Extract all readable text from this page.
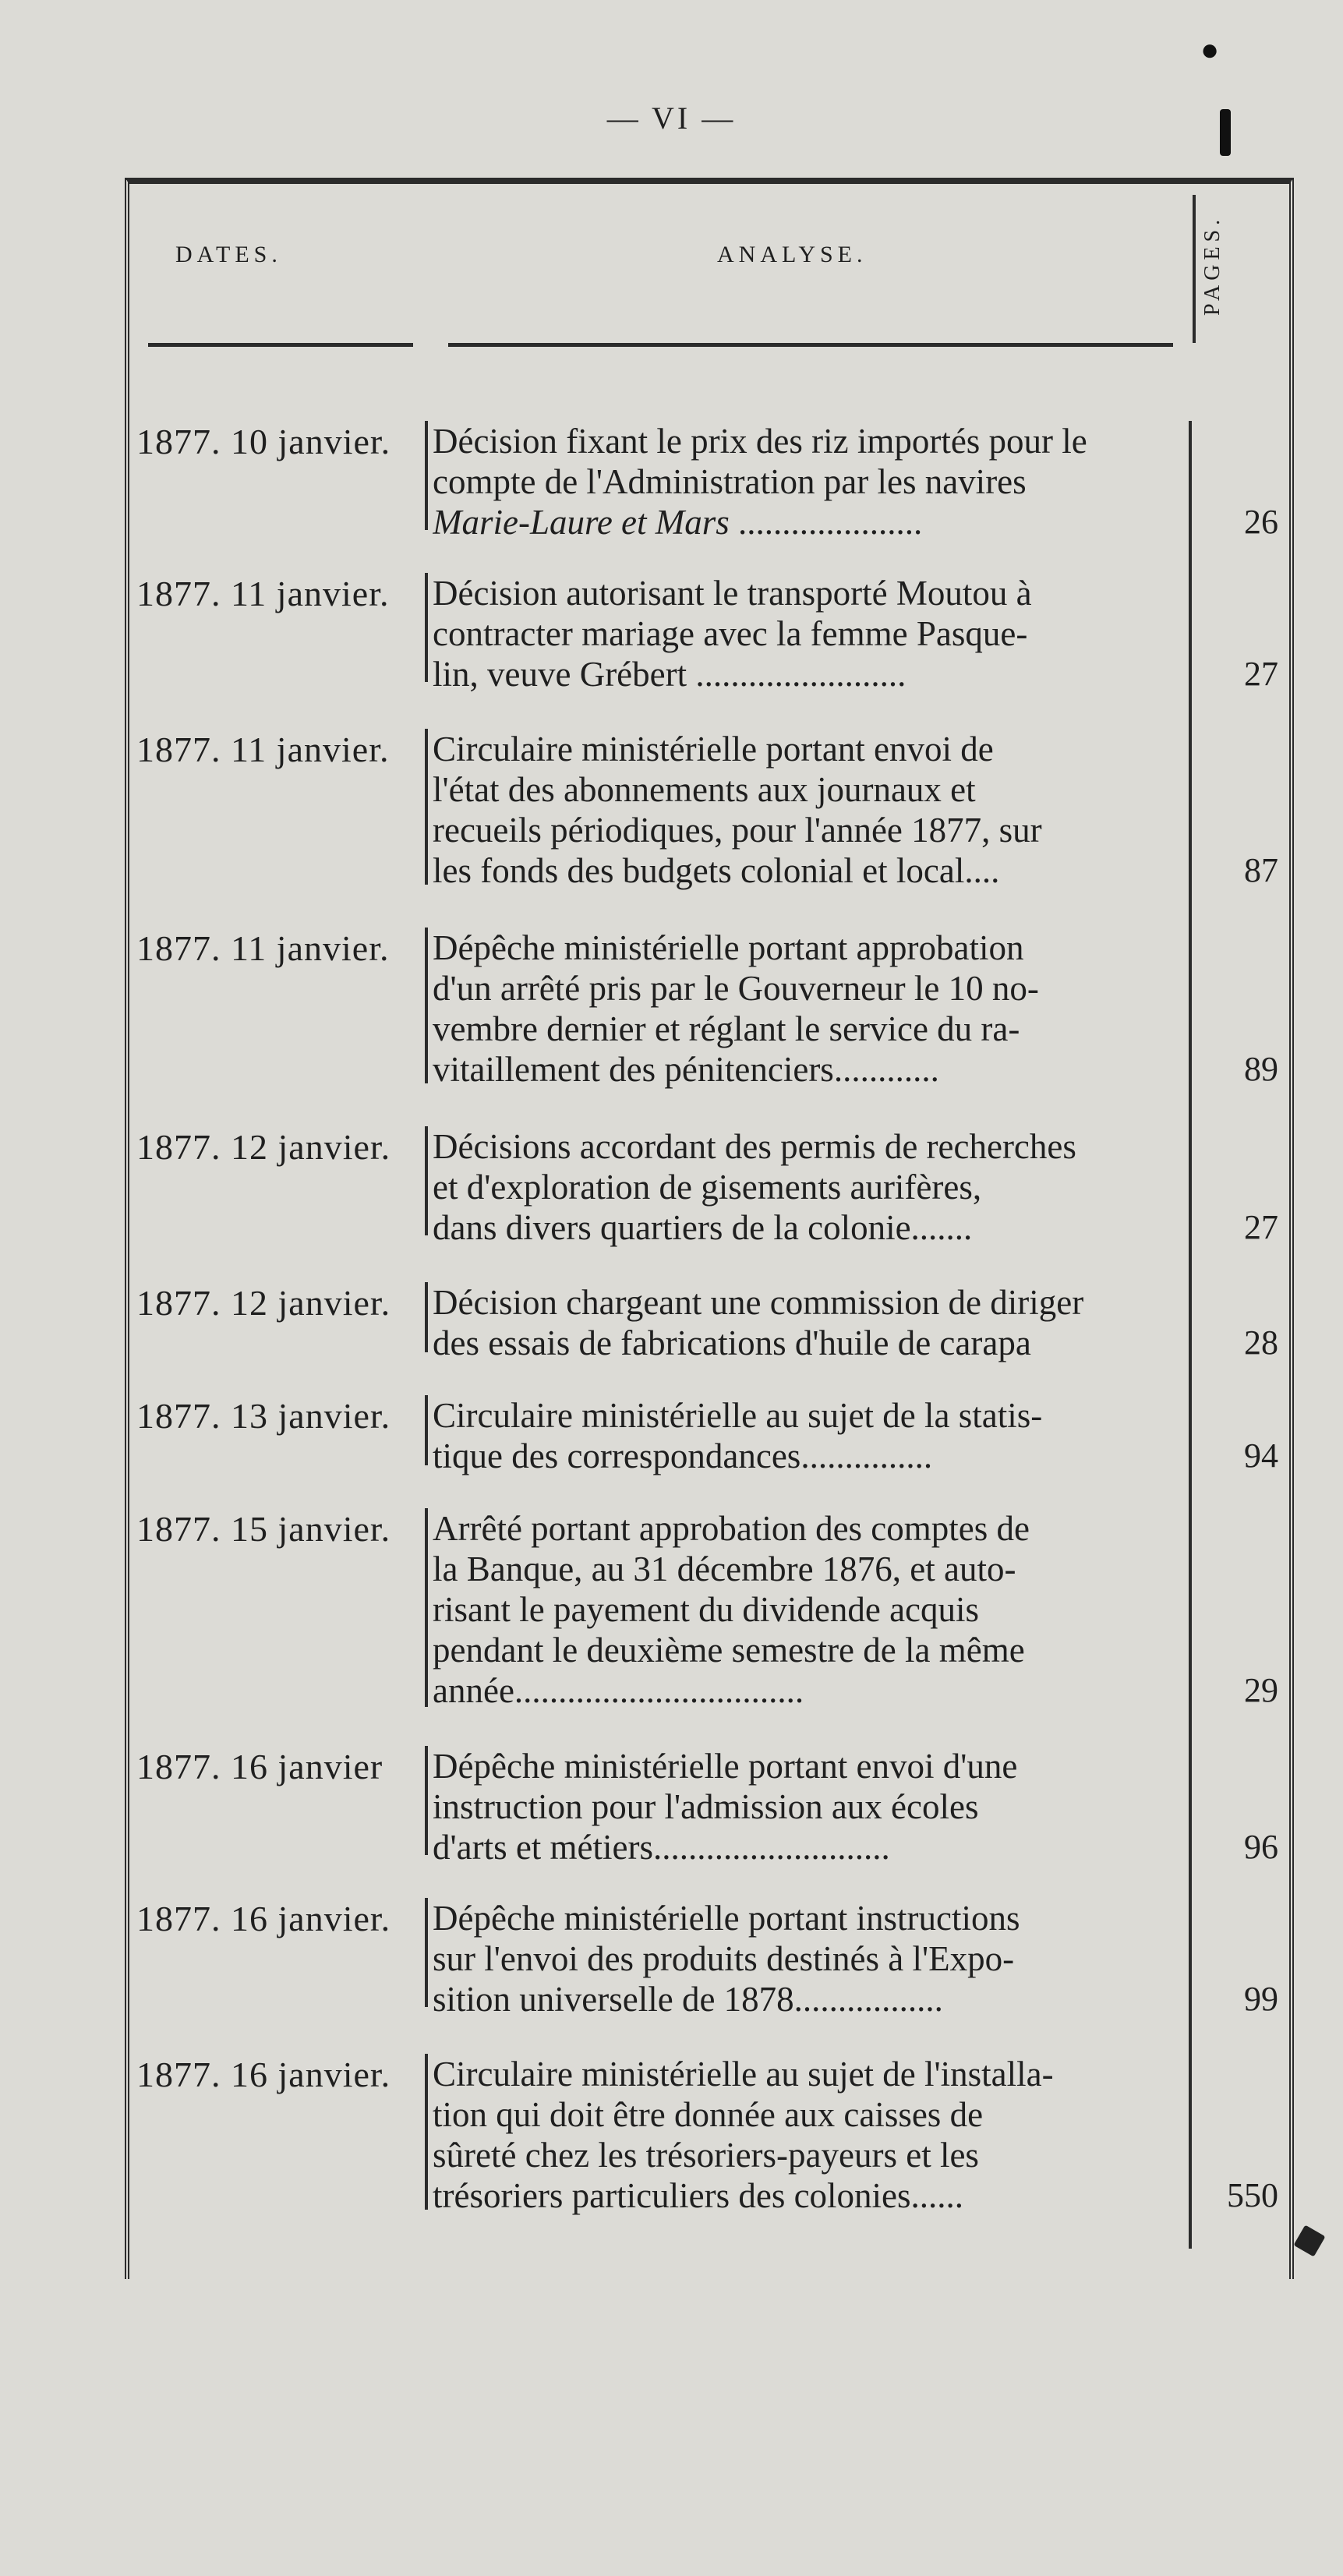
— VI —
●
DATES.	ANALYSE.	PAGES.
1877. 10 janvier.	Décision fixant le prix des riz importés pour le
compte de l'Administration par les navires
Marie-Laure et Mars .....................	26
1877. 11 janvier.	Décision autorisant le transporté Moutou à
contracter mariage avec la femme Pasque-
lin, veuve Grébert ........................	27
1877. 11 janvier.	Circulaire ministérielle portant envoi de
l'état des abonnements aux journaux et
recueils périodiques, pour l'année 1877, sur
les fonds des budgets colonial et local....	87
1877. 11 janvier.	Dépêche ministérielle portant approbation
d'un arrêté pris par le Gouverneur le 10 no-
vembre dernier et réglant le service du ra-
vitaillement des pénitenciers............	89
1877. 12 janvier.	Décisions accordant des permis de recherches
et d'exploration de gisements aurifères,
dans divers quartiers de la colonie.......	27
1877. 12 janvier.	Décision chargeant une commission de diriger
des essais de fabrications d'huile de carapa	28
1877. 13 janvier.	Circulaire ministérielle au sujet de la statis-
tique des correspondances...............	94
1877. 15 janvier.	Arrêté portant approbation des comptes de
la Banque, au 31 décembre 1876, et auto-
risant le payement du dividende acquis
pendant le deuxième semestre de la même
année.................................	29
1877. 16 janvier	Dépêche ministérielle portant envoi d'une
instruction pour l'admission aux écoles
d'arts et métiers...........................	96
1877. 16 janvier.	Dépêche ministérielle portant instructions
sur l'envoi des produits destinés à l'Expo-
sition universelle de 1878.................	99
1877. 16 janvier.	Circulaire ministérielle au sujet de l'installa-
tion qui doit être donnée aux caisses de
sûreté chez les trésoriers-payeurs et les
trésoriers particuliers des colonies......	550
